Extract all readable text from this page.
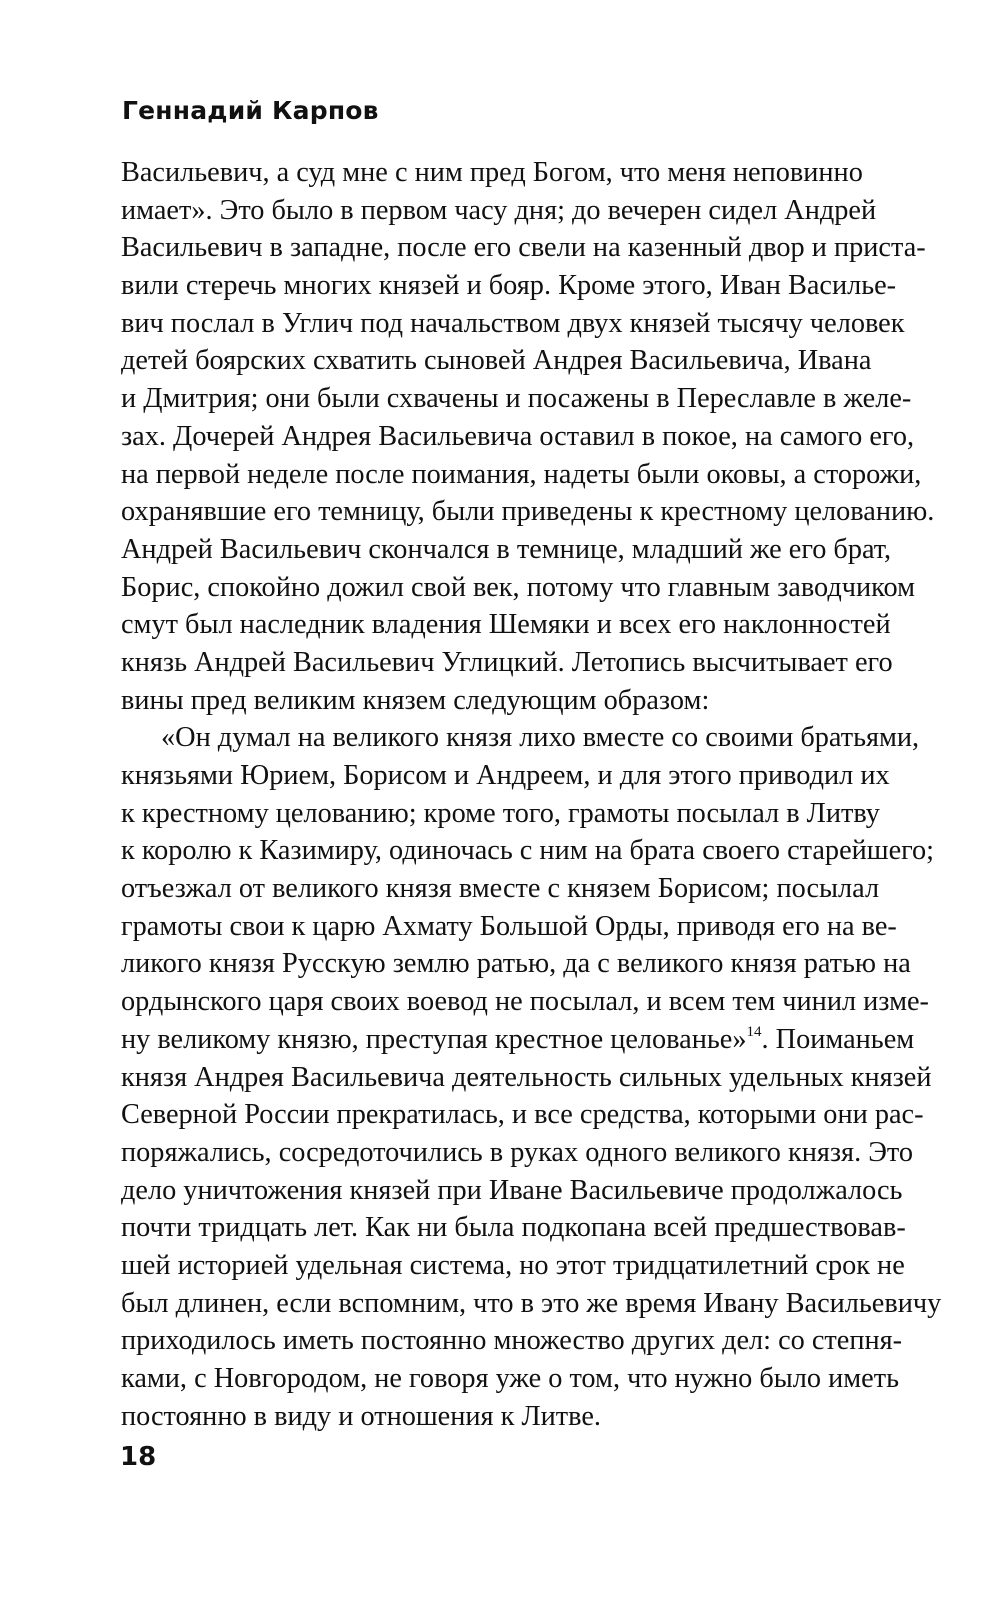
Геннадий Карпов
Васильевич, а суд мне с ним пред Богом, что меня неповинно
имает». Это было в первом часу дня; до вечерен сидел Андрей
Васильевич в западне, после его свели на казенный двор и приста-
вили стеречь многих князей и бояр. Кроме этого, Иван Василье-
вич послал в Углич под начальством двух князей тысячу человек
детей боярских схватить сыновей Андрея Васильевича, Ивана
и Дмитрия; они были схвачены и посажены в Переславле в желе-
зах. Дочерей Андрея Васильевича оставил в покое, на самого его,
на первой неделе после поимания, надеты были оковы, а сторожи,
охранявшие его темницу, были приведены к крестному целованию.
Андрей Васильевич скончался в темнице, младший же его брат,
Борис, спокойно дожил свой век, потому что главным заводчиком
смут был наследник владения Шемяки и всех его наклонностей
князь Андрей Васильевич Углицкий. Летопись высчитывает его
вины пред великим князем следующим образом:
«Он думал на великого князя лихо вместе со своими братьями,
князьями Юрием, Борисом и Андреем, и для этого приводил их
к крестному целованию; кроме того, грамоты посылал в Литву
к королю к Казимиру, одиночась с ним на брата своего старейшего;
отъезжал от великого князя вместе с князем Борисом; посылал
грамоты свои к царю Ахмату Большой Орды, приводя его на ве-
ликого князя Русскую землю ратью, да с великого князя ратью на
ордынского царя своих воевод не посылал, и всем тем чинил изме-
ну великому князю, преступая крестное целованье»$^{14}$. Поиманьем
князя Андрея Васильевича деятельность сильных удельных князей
Северной России прекратилась, и все средства, которыми они рас-
поряжались, сосредоточились в руках одного великого князя. Это
дело уничтожения князей при Иване Васильевиче продолжалось
почти тридцать лет. Как ни была подкопана всей предшествовав-
шей историей удельная система, но этот тридцатилетний срок не
был длинен, если вспомним, что в это же время Ивану Васильевичу
приходилось иметь постоянно множество других дел: со степня-
ками, с Новгородом, не говоря уже о том, что нужно было иметь
постоянно в виду и отношения к Литве.
18
